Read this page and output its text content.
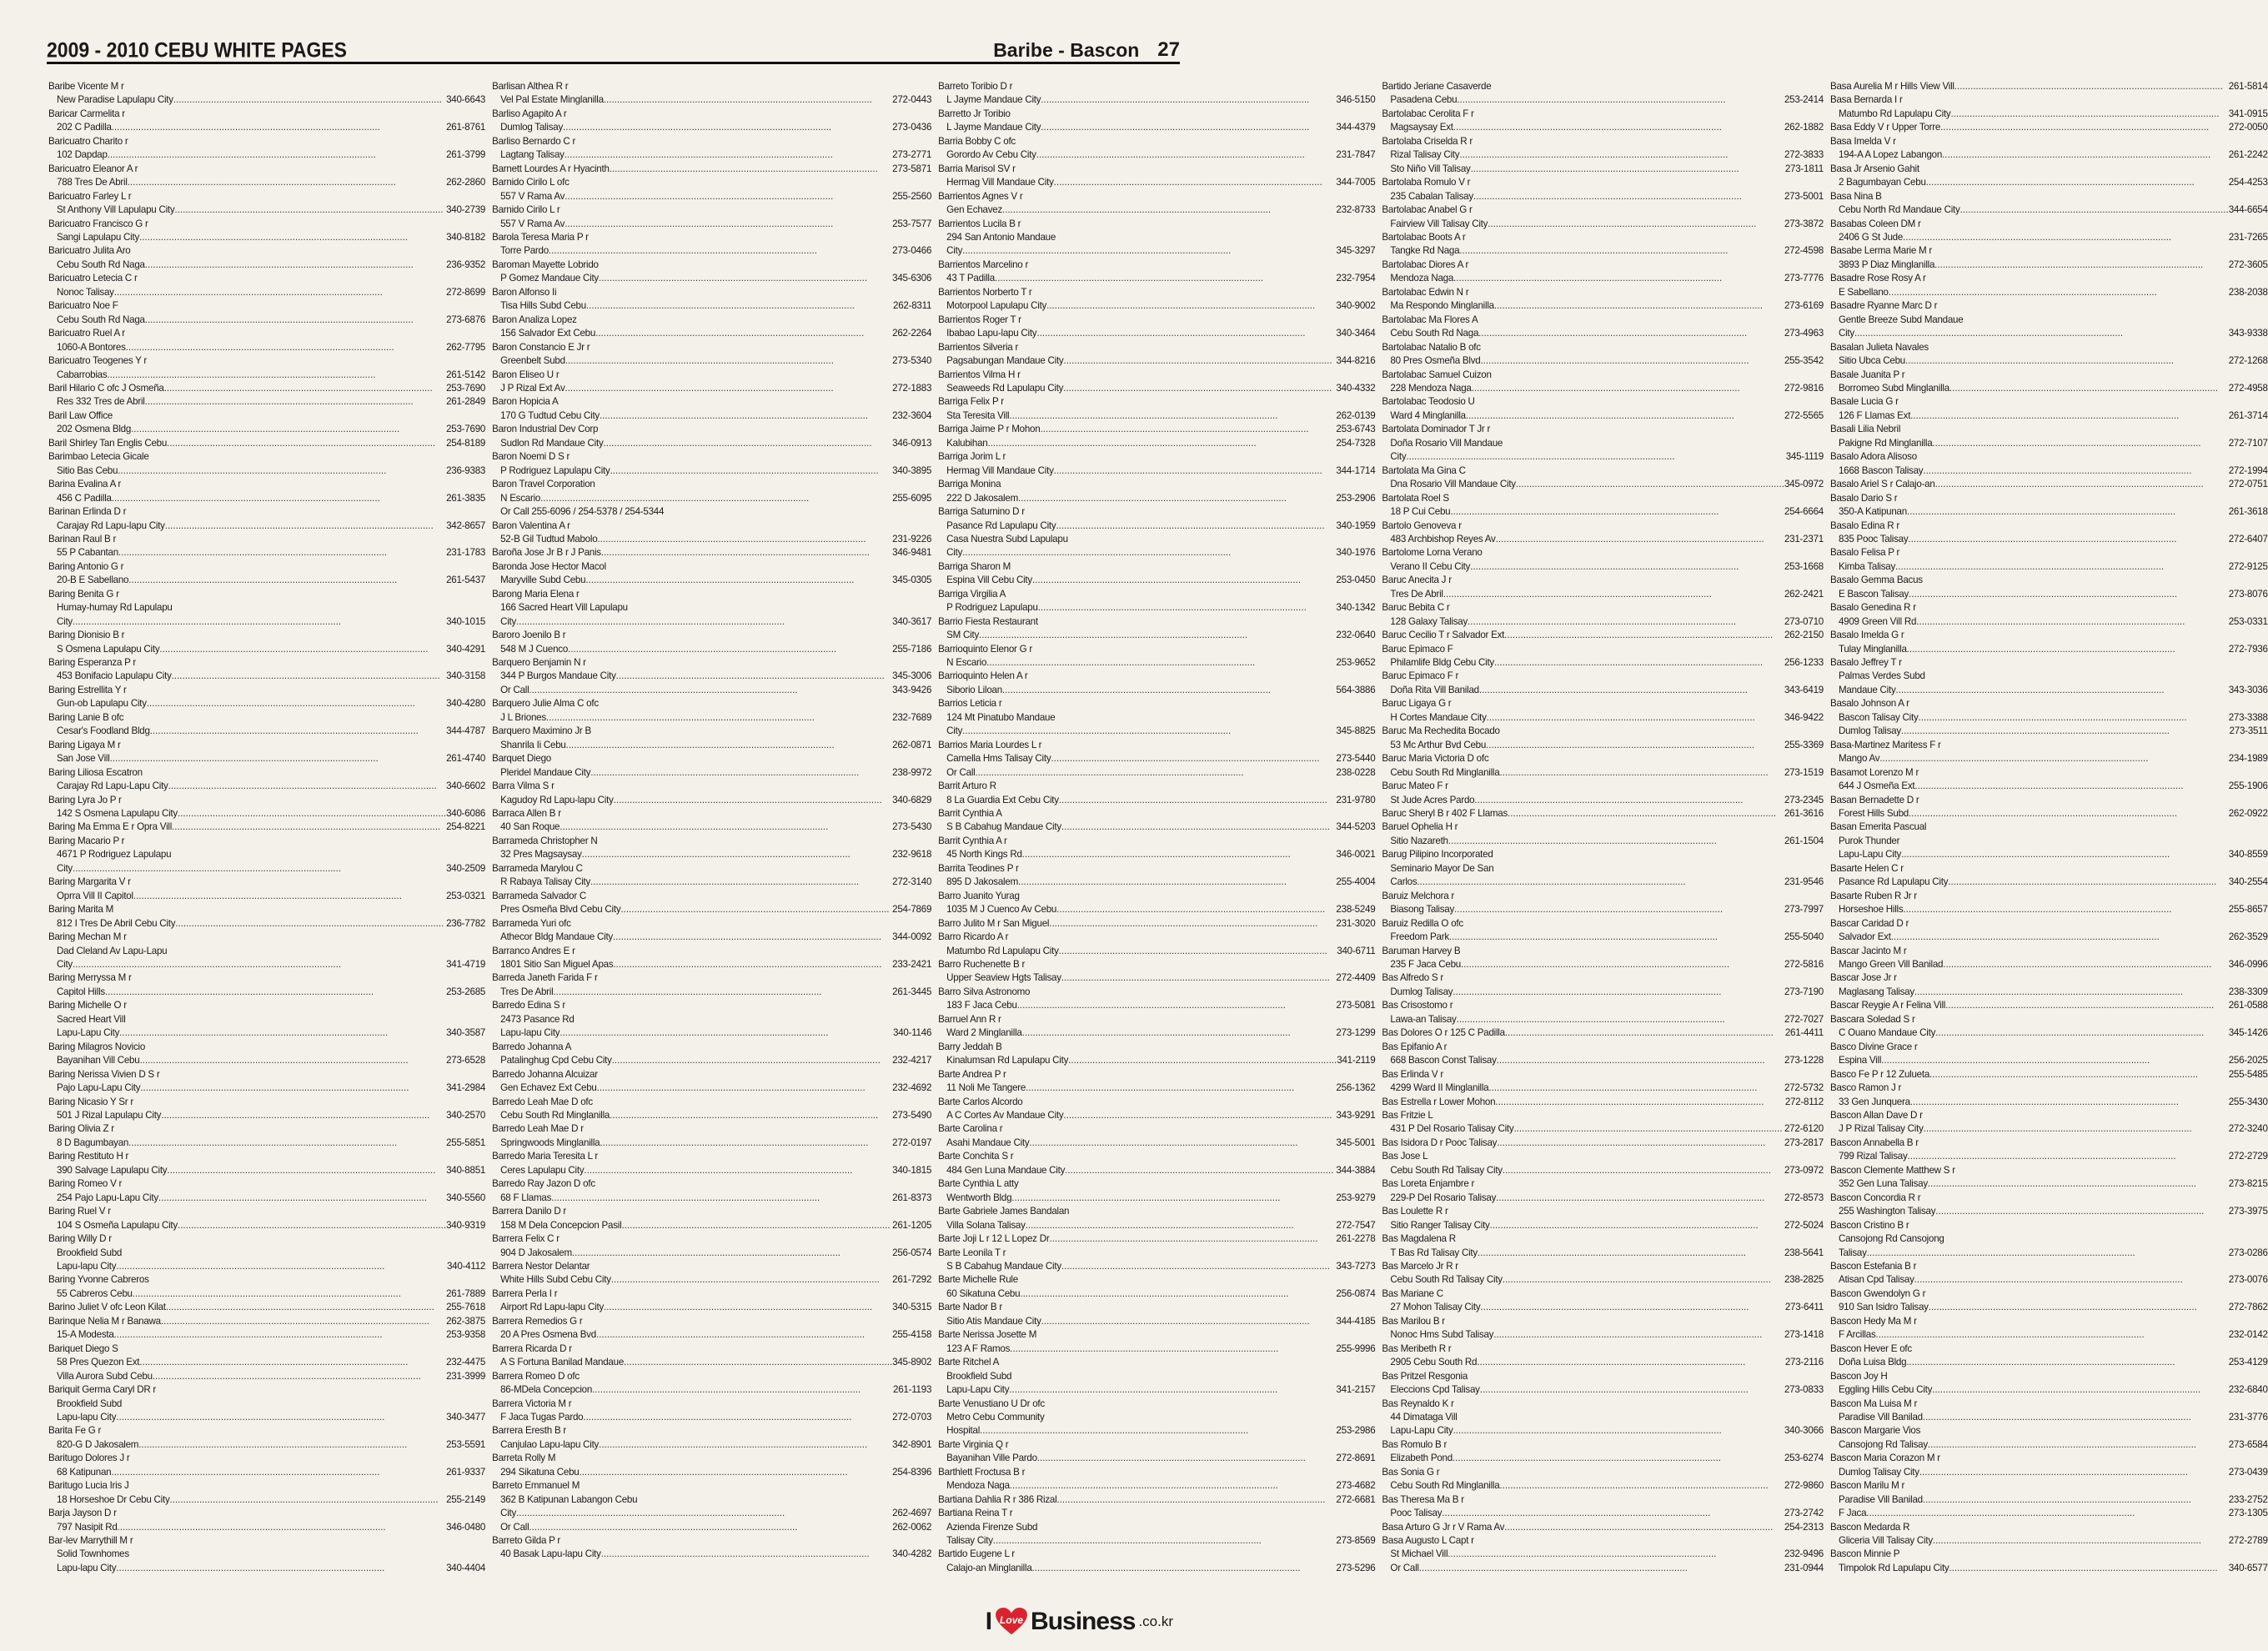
2009 - 2010 CEBU WHITE PAGES	Baribe - Bascon 27
Baribe Vicente M r
New Paradise Lapulapu City .....	340-6643
Baricar Carmelita r
202 C Padilla .....	261-8761
Baricuatro Charito r
102 Dapdap .....	261-3799
Baricuatro Eleanor A r
788 Tres De Abril .....	262-2860
Baricuatro Farley L r
St Anthony Vill Lapulapu City .....	340-2739
Baricuatro Francisco G r
Sangi Lapulapu City .....	340-8182
Baricuatro Julita Aro
Cebu South Rd Naga .....	236-9352
Baricuatro Letecia C r
Nonoc Talisay .....	272-8699
Baricuatro Noe F
Cebu South Rd Naga .....	273-6876
Baricuatro Ruel A r
1060-A Bontores .....	262-7795
Baricuatro Teogenes Y r
Cabarrobias .....	261-5142
Baril Hilario C ofc J Osmeña .....	253-7690
Res 332 Tres de Abril .....	261-2849
Baril Law Office
202 Osmena Bldg .....	253-7690
Baril Shirley Tan Englis Cebu .....	254-8189
Barimbao Letecia Gicale
Sitio Bas Cebu .....	236-9383
Barina Evalina A r
456 C Padilla .....	261-3835
Barinan Erlinda D r
Carajay Rd Lapu-lapu City .....	342-8657
Barinan Raul B r
55 P Cabantan .....	231-1783
Baring Antonio G r
20-B E Sabellano .....	261-5437
Baring Benita G r
Humay-humay Rd Lapulapu
City .....	340-1015
Baring Dionisio B r
S Osmena Lapulapu City .....	340-4291
Baring Esperanza P r
453 Bonifacio Lapulapu City .....	340-3158
Baring Estrellita Y r
Gun-ob Lapulapu City .....	340-4280
Baring Lanie B ofc
Cesar's Foodland Bldg .....	344-4787
Baring Ligaya M r
San Jose Vill .....	261-4740
Baring Liliosa Escatron
Carajay Rd Lapu-Lapu City .....	340-6602
Baring Lyra Jo P r
142 S Osmena Lapulapu City .....	340-6086
Baring Ma Emma E r Opra Vill .....	254-8221
Baring Macario P r
4671 P Rodriguez Lapulapu
City .....	340-2509
Baring Margarita V r
Oprra Vill II Capitol .....	253-0321
Baring Marita M
812 I Tres De Abril Cebu City .....	236-7782
Baring Mechan M r
Dad Cleland Av Lapu-Lapu
City .....	341-4719
Baring Merryssa M r
Capitol Hills .....	253-2685
Baring Michelle O r
Sacred Heart Vill
Lapu-Lapu City .....	340-3587
Baring Milagros Novicio
Bayanihan Vill Cebu .....	273-6528
Baring Nerissa Vivien D S r
Pajo Lapu-Lapu City .....	341-2984
Baring Nicasio Y Sr r
501 J Rizal Lapulapu City .....	340-2570
Baring Olivia Z r
8 D Bagumbayan .....	255-5851
Baring Restituto H r
390 Salvage Lapulapu City .....	340-8851
Baring Romeo V r
254 Pajo Lapu-Lapu City .....	340-5560
Baring Ruel V r
104 S Osmeña Lapulapu City .....	340-9319
Baring Willy D r
Brookfield Subd
Lapu-lapu City .....	340-4112
Baring Yvonne Cabreros
55 Cabreros Cebu .....	261-7889
Barino Juliet V ofc Leon Kilat .....	255-7618
Barinque Nelia M r Banawa .....	262-3875
15-A Modesta .....	253-9358
Bariquet Diego S
58 Pres Quezon Ext .....	232-4475
Villa Aurora Subd Cebu .....	231-3999
Bariquit Germa Caryl DR r
Brookfield Subd
Lapu-lapu City .....	340-3477
Barita Fe G r
820-G D Jakosalem .....	253-5591
Baritugo Dolores J r
68 Katipunan .....	261-9337
Baritugo Lucia Iris J
18 Horseshoe Dr Cebu City .....	255-2149
Barja Jayson D r
797 Nasipit Rd .....	346-0480
Bar-lev Marrythill M r
Solid Townhomes
Lapu-lapu City .....	340-4404
Barlisan Althea R r
Vel Pal Estate Minglanilla .....	272-0443
Barliso Agapito A r
Dumlog Talisay .....	273-0436
Barliso Bernardo C r
Lagtang Talisay .....	273-2771
Barnett Lourdes A r Hyacinth .....	273-5871
Barnido Cirilo L ofc
557 V Rama Av .....	255-2560
Barnido Cirilo L r
557 V Rama Av .....	253-7577
Barola Teresa Maria P r
Torre Pardo .....	273-0466
Baroman Mayette Lobrido
P Gomez Mandaue City .....	345-6306
Baron Alfonso Ii
Tisa Hills Subd Cebu .....	262-8311
Baron Analiza Lopez
156 Salvador Ext Cebu .....	262-2264
Baron Constancio E Jr r
Greenbelt Subd .....	273-5340
Baron Eliseo U r
J P Rizal Ext Av .....	272-1883
Baron Hopicia A
170 G Tudtud Cebu City .....	232-3604
Baron Industrial Dev Corp
Sudlon Rd Mandaue City .....	346-0913
Baron Noemi D S r
P Rodriguez Lapulapu City .....	340-3895
Baron Travel Corporation
N Escario .....	255-6095
Or Call 255-6096 / 254-5378 / 254-5344
Baron Valentina A r
52-B Gil Tudtud Mabolo .....	231-9226
Baroña Jose Jr B r J Panis .....	346-9481
Baronda Jose Hector Macol
Maryville Subd Cebu .....	345-0305
Barong Maria Elena r
166 Sacred Heart Vill Lapulapu
City .....	340-3617
Baroro Joenilo B r
548 M J Cuenco .....	255-7186
Barquero Benjamin N r
344 P Burgos Mandaue City .....	345-3006
Or Call .....	343-9426
Barquero Julie Alma C ofc
J L Briones .....	232-7689
Barquero Maximino Jr B
Shanrila Ii Cebu .....	262-0871
Barquet Diego
Pleridel Mandaue City .....	238-9972
Barra Vilma S r
Kagudoy Rd Lapu-lapu City .....	340-6829
Barraca Allen B r
40 San Roque .....	273-5430
Barrameda Christopher N
32 Pres Magsaysay .....	232-9618
Barrameda Marylou C
R Rabaya Talisay City .....	272-3140
Barrameda Salvador C
Pres Osmeña Blvd Cebu City .....	254-7869
Barrameda Yuri ofc
Athecor Bldg Mandaue City .....	344-0092
Barranco Andres E r
1801 Sitio San Miguel Apas .....	233-2421
Barreda Janeth Farida F r
Tres De Abril .....	261-3445
Barredo Edina S r
2473 Pasance Rd
Lapu-lapu City .....	340-1146
Barredo Johanna A
Patalinghug Cpd Cebu City .....	232-4217
Barredo Johanna Alcuizar
Gen Echavez Ext Cebu .....	232-4692
Barredo Leah Mae D ofc
Cebu South Rd Minglanilla .....	273-5490
Barredo Leah Mae D r
Springwoods Minglanilla .....	272-0197
Barredo Maria Teresita L r
Ceres Lapulapu City .....	340-1815
Barredo Ray Jazon D ofc
68 F Llamas .....	261-8373
Barrera Danilo D r
158 M Dela Concepcion Pasil .....	261-1205
Barrera Felix C r
904 D Jakosalem .....	256-0574
Barrera Nestor Delantar
White Hills Subd Cebu City .....	261-7292
Barrera Perla I r
Airport Rd Lapu-lapu City .....	340-5315
Barrera Remedios G r
20 A Pres Osmena Bvd .....	255-4158
Barrera Ricarda D r
A S Fortuna Banilad Mandaue .....	345-8902
Barrera Romeo D ofc
86-MDela Concepcion .....	261-1193
Barrera Victoria M r
F Jaca Tugas Pardo .....	272-0703
Barrera Eresth B r
Canjulao Lapu-lapu City .....	342-8901
Barreta Rolly M
294 Sikatuna Cebu .....	254-8396
Barreto Emmanuel M
362 B Katipunan Labangon Cebu
City .....	262-4697
Or Call .....	262-0062
Barreto Gilda P r
40 Basak Lapu-lapu City .....	340-4282
Barreto Toribio D r
L Jayme Mandaue City .....	346-5150
Barretto Jr Toribio
L Jayme Mandaue City .....	344-4379
Barria Bobby C ofc
Gorordo Av Cebu City .....	231-7847
Barria Marisol SV r
Hermag Vill Mandaue City .....	344-7005
Barrientos Agnes V r
Gen Echavez .....	232-8733
Barrientos Lucila B r
294 San Antonio Mandaue
City .....	345-3297
Barrientos Marcelino r
43 T Padilla .....	232-7954
Barrientos Norberto T r
Motorpool Lapulapu City .....	340-9002
Barrientos Roger T r
Ibabao Lapu-lapu City .....	340-3464
Barrientos Silveria r
Pagsabungan Mandaue City .....	344-8216
Barrientos Vilma H r
Seaweeds Rd Lapulapu City .....	340-4332
Barriga Felix P r
Sta Teresita Vill .....	262-0139
Barriga Jaime P r Mohon .....	253-6743
Kalubihan .....	254-7328
Barriga Jorim L r
Hermag Vill Mandaue City .....	344-1714
Barriga Monina
222 D Jakosalem .....	253-2906
Barriga Saturnino D r
Pasance Rd Lapulapu City .....	340-1959
Casa Nuestra Subd Lapulapu
City .....	340-1976
Barriga Sharon M
Espina Vill Cebu City .....	253-0450
Barriga Virgilia A
P Rodriguez Lapulapu .....	340-1342
Barrio Fiesta Restaurant
SM City .....	232-0640
Barrioquinto Elenor G r
N Escario .....	253-9652
Barrioquinto Helen A r
Siborio Liloan .....	564-3886
Barrios Leticia r
124 Mt Pinatubo Mandaue
City .....	345-8825
Barrios Maria Lourdes L r
Camella Hms Talisay City .....	273-5440
Or Call .....	238-0228
Barrit Arturo R
8 La Guardia Ext Cebu City .....	231-9780
Barrit Cynthia A
S B Cabahug Mandaue City .....	344-5203
Barrit Cynthia A r
45 North Kings Rd .....	346-0021
Barrita Teodines P r
895 D Jakosalem .....	255-4004
Barro Juanito Yurag
1035 M J Cuenco Av Cebu .....	238-5249
Barro Julito M r San Miguel .....	231-3020
Barro Ricardo A r
Matumbo Rd Lapulapu City .....	340-6711
Barro Ruchenette B r
Upper Seaview Hgts Talisay .....	272-4409
Barro Silva Astronomo
183 F Jaca Cebu .....	273-5081
Barruel Ann R r
Ward 2 Minglanilla .....	273-1299
Barry Jeddah B
Kinalumsan Rd Lapulapu City .....	341-2119
Barte Andrea P r
11 Noli Me Tangere .....	256-1362
Barte Carlos Alcordo
A C Cortes Av Mandaue City .....	343-9291
Barte Carolina r
Asahi Mandaue City .....	345-5001
Barte Conchita S r
484 Gen Luna Mandaue City .....	344-3884
Barte Cynthia L atty
Wentworth Bldg .....	253-9279
Barte Gabriele James Bandalan
Villa Solana Talisay .....	272-7547
Barte Joji L r 12 L Lopez Dr .....	261-2278
Barte Leonila T r
S B Cabahug Mandaue City .....	343-7273
Barte Michelle Rule
60 Sikatuna Cebu .....	256-0874
Barte Nador B r
Sitio Atis Mandaue City .....	344-4185
Barte Nerissa Josette M
123 A F Ramos .....	255-9996
Barte Ritchel A
Brookfield Subd
Lapu-Lapu City .....	341-2157
Barte Venustiano U Dr ofc
Metro Cebu Community
Hospital .....	253-2986
Barte Virginia Q r
Bayanihan Ville Pardo .....	272-8691
Barthlett Froctusa B r
Mendoza Naga .....	273-4682
Bartiana Dahlia R r 386 Rizal .....	272-6681
Bartiana Reina T r
Azienda Firenze Subd
Talisay City .....	273-8569
Bartido Eugene L r
Calajo-an Minglanilla .....	273-5296
Bartido Jeriane Casaverde
Pasadena Cebu .....	253-2414
Bartolabac Cerolita F r
Magsaysay Ext .....	262-1882
Bartolaba Criselda R r
Rizal Talisay City .....	272-3833
Sto Niño Vill Talisay .....	273-1811
Bartolaba Romulo V r
235 Cabalan Talisay .....	273-5001
Bartolabac Anabel G r
Fairview Vill Talisay City .....	273-3872
Bartolabac Boots A r
Tangke Rd Naga .....	272-4598
Bartolabac Diores A r
Mendoza Naga .....	273-7776
Bartolabac Edwin N r
Ma Respondo Minglanilla .....	273-6169
Bartolabac Ma Flores A
Cebu South Rd Naga .....	273-4963
Bartolabac Natalio B ofc
80 Pres Osmeña Blvd .....	255-3542
Bartolabac Samuel Cuizon
228 Mendoza Naga .....	272-9816
Bartolabac Teodosio U
Ward 4 Minglanilla .....	272-5565
Bartolata Dominador T Jr r
Doña Rosario Vill Mandaue
City .....	345-1119
Bartolata Ma Gina C
Dna Rosario Vill Mandaue City .....	345-0972
Bartolata Roel S
18 P Cui Cebu .....	254-6664
Bartolo Genoveva r
483 Archbishop Reyes Av .....	231-2371
Bartolome Lorna Verano
Verano II Cebu City .....	253-1668
Baruc Anecita J r
Tres De Abril .....	262-2421
Baruc Bebita C r
128 Galaxy Talisay .....	273-0710
Baruc Cecilio T r Salvador Ext .....	262-2150
Baruc Epimaco F
Philamlife Bldg Cebu City .....	256-1233
Baruc Epimaco F r
Doña Rita Vill Banilad .....	343-6419
Baruc Ligaya G r
H Cortes Mandaue City .....	346-9422
Baruc Ma Rechedita Bocado
53 Mc Arthur Bvd Cebu .....	255-3369
Baruc Maria Victoria D ofc
Cebu South Rd Minglanilla .....	273-1519
Baruc Mateo F r
St Jude Acres Pardo .....	273-2345
Baruc Sheryl B r 402 F Llamas .....	261-3616
Baruel Ophelia H r
Sitio Nazareth .....	261-1504
Barug Pilipino Incorporated
Seminario Mayor De San
Carlos .....	231-9546
Baruiz Melchora r
Biasong Talisay .....	273-7997
Baruiz Redilla O ofc
Freedom Park .....	255-5040
Baruman Harvey B
235 F Jaca Cebu .....	272-5816
Bas Alfredo S r
Dumlog Talisay .....	273-7190
Bas Crisostomo r
Lawa-an Talisay .....	272-7027
Bas Dolores O r 125 C Padilla .....	261-4411
Bas Epifanio A r
668 Bascon Const Talisay .....	273-1228
Bas Erlinda V r
4299 Ward II Minglanilla .....	272-5732
Bas Estrella r Lower Mohon .....	272-8112
Bas Fritzie L
431 P Del Rosario Talisay City .....	272-6120
Bas Isidora D r Pooc Talisay .....	273-2817
Bas Jose L
Cebu South Rd Talisay City .....	273-0972
Bas Loreta Enjambre r
229-P Del Rosario Talisay .....	272-8573
Bas Loulette R r
Sitio Ranger Talisay City .....	272-5024
Bas Magdalena R
T Bas Rd Talisay City .....	238-5641
Bas Marcelo Jr R r
Cebu South Rd Talisay City .....	238-2825
Bas Mariane C
27 Mohon Talisay City .....	273-6411
Bas Marilou B r
Nonoc Hms Subd Talisay .....	273-1418
Bas Meribeth R r
2905 Cebu South Rd .....	273-2116
Bas Pritzel Resgonia
Eleccions Cpd Talisay .....	273-0833
Bas Reynaldo K r
44 Dimataga Vill
Lapu-Lapu City .....	340-3066
Bas Romulo B r
Elizabeth Pond .....	253-6274
Bas Sonia G r
Cebu South Rd Minglanilla .....	272-9860
Bas Theresa Ma B r
Pooc Talisay .....	273-2742
Basa Arturo G Jr r V Rama Av .....	254-2313
Basa Augusto L Capt r
St Michael Vill .....	232-9496
Or Call .....	231-0944
Basa Aurelia M r Hills View Vill .....	261-5814
Basa Bernarda I r
Matumbo Rd Lapulapu City .....	341-0915
Basa Eddy V r Upper Torre .....	272-0050
Basa Imelda V r
194-A A Lopez Labangon .....	261-2242
Basa Jr Arsenio Gahit
2 Bagumbayan Cebu .....	254-4253
Basa Nina B
Cebu North Rd Mandaue City .....	344-6654
Basabas Coleen DM r
2406 G St Jude .....	231-7265
Basabe Lerma Marie M r
3893 P Diaz Minglanilla .....	272-3605
Basadre Rose Rosy A r
E Sabellano .....	238-2038
Basadre Ryanne Marc D r
Gentle Breeze Subd Mandaue
City .....	343-9338
Basalan Julieta Navales
Sitio Ubca Cebu .....	272-1268
Basale Juanita P r
Borromeo Subd Minglanilla .....	272-4958
Basale Lucia G r
126 F Llamas Ext .....	261-3714
Basali Lilia Nebril
Pakigne Rd Minglanilla .....	272-7107
Basalo Adora Alisoso
1668 Bascon Talisay .....	272-1994
Basalo Ariel S r Calajo-an .....	272-0751
Basalo Dario S r
350-A Katipunan .....	261-3618
Basalo Edina R r
835 Pooc Talisay .....	272-6407
Basalo Felisa P r
Kimba Talisay .....	272-9125
Basalo Gemma Bacus
E Bascon Talisay .....	273-8076
Basalo Genedina R r
4909 Green Vill Rd .....	253-0331
Basalo Imelda G r
Tulay Minglanilla .....	272-7936
Basalo Jeffrey T r
Palmas Verdes Subd
Mandaue City .....	343-3036
Basalo Johnson A r
Bascon Talisay City .....	273-3388
Dumlog Talisay .....	273-3511
Basa-Martinez Maritess F r
Mango Av .....	234-1989
Basamot Lorenzo M r
644 J Osmeña Ext .....	255-1906
Basan Bernadette D r
Forest Hills Subd .....	262-0922
Basan Emerita Pascual
Purok Thunder
Lapu-Lapu City .....	340-8559
Basarte Helen C r
Pasance Rd Lapulapu City .....	340-2554
Basarte Ruben R Jr r
Horseshoe Hills .....	255-8657
Bascar Caridad D r
Salvador Ext .....	262-3529
Bascar Jacinto M r
Mango Green Vill Banilad .....	346-0996
Bascar Jose Jr r
Maglasang Talisay .....	238-3309
Bascar Reygie A r Felina Vill .....	261-0588
Bascara Soledad S r
C Ouano Mandaue City .....	345-1426
Basco Divine Grace r
Espina Vill .....	256-2025
Basco Fe P r 12 Zulueta .....	255-5485
Basco Ramon J r
33 Gen Junquera .....	255-3430
Bascon Allan Dave D r
J P Rizal Talisay City .....	272-3240
Bascon Annabella B r
799 Rizal Talisay .....	272-2729
Bascon Clemente Matthew S r
352 Gen Luna Talisay .....	273-8215
Bascon Concordia R r
255 Washington Talisay .....	273-3975
Bascon Cristino B r
Cansojong Rd Cansojong
Talisay .....	273-0286
Bascon Estefania B r
Atisan Cpd Talisay .....	273-0076
Bascon Gwendolyn G r
910 San Isidro Talisay .....	272-7862
Bascon Hedy Ma M r
F Arcillas .....	232-0142
Bascon Hever E ofc
Doña Luisa Bldg .....	253-4129
Bascon Joy H
Eggling Hills Cebu City .....	232-6840
Bascon Ma Luisa M r
Paradise Vill Banilad .....	231-3776
Bascon Margarie Vios
Cansojong Rd Talisay .....	273-6584
Bascon Maria Corazon M r
Dumlog Talisay City .....	273-0439
Bascon Marilu M r
Paradise Vill Banilad .....	233-2752
F Jaca .....	273-1305
Bascon Medarda R
Gliceria Vill Talisay City .....	272-2789
Bascon Minnie P
Timpolok Rd Lapulapu City .....	340-6577
I Love Business .co.kr
